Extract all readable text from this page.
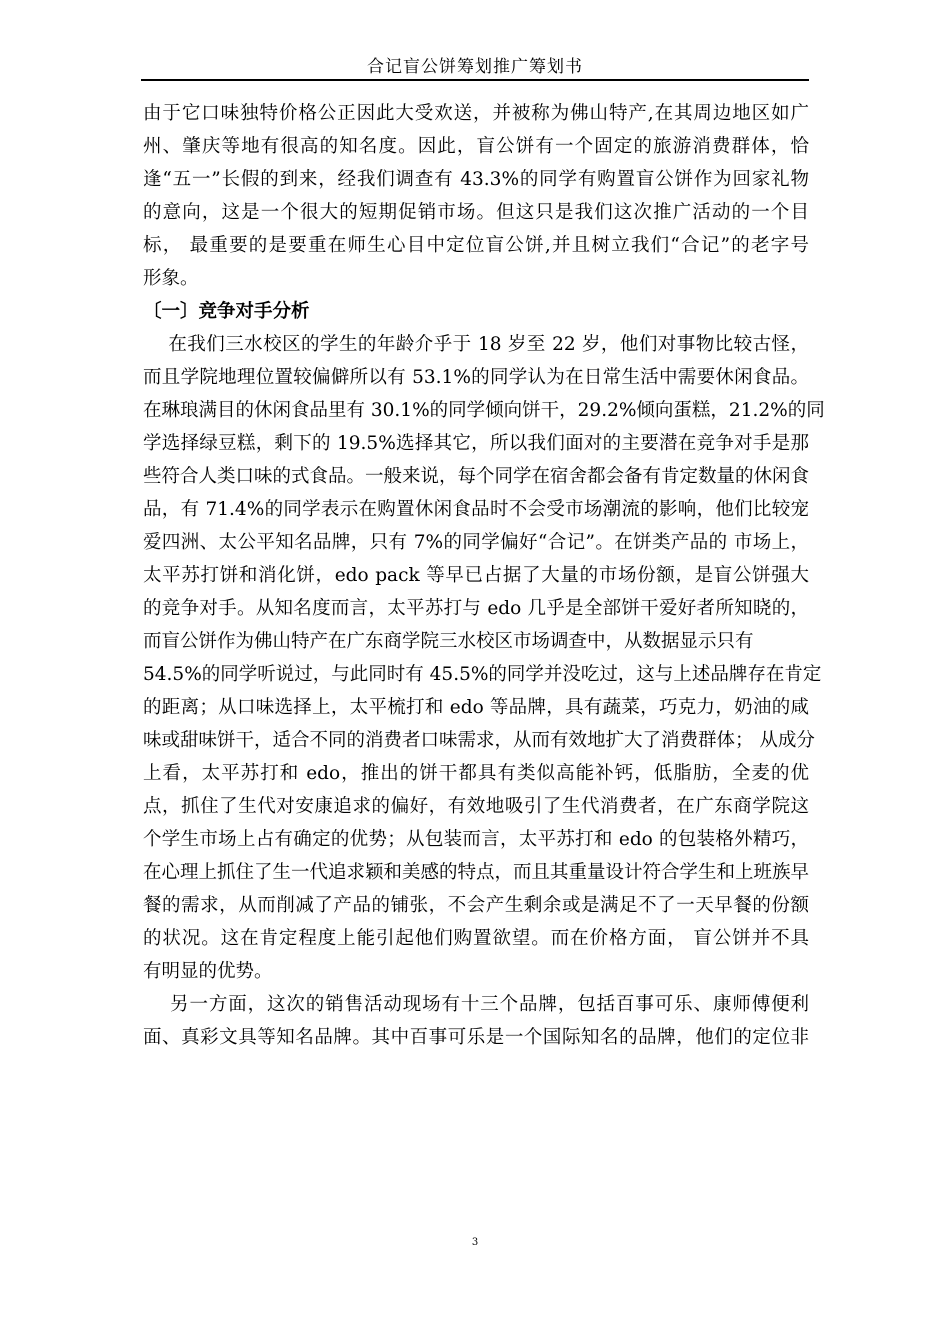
合记盲公饼筹划推广筹划书
由于它口味独特价格公正因此大受欢送，并被称为佛山特产,在其周边地区如广
州、肇庆等地有很高的知名度。因此，盲公饼有一个固定的旅游消费群体，恰
逢“五一”长假的到来，经我们调查有 43.3%的同学有购置盲公饼作为回家礼物
的意向，这是一个很大的短期促销市场。但这只是我们这次推广活动的一个目
标， 最重要的是要重在师生心目中定位盲公饼,并且树立我们“合记”的老字号
形象。
〔一〕竞争对手分析
在我们三水校区的学生的年龄介乎于 18 岁至 22 岁，他们对事物比较古怪，
而且学院地理位置较偏僻所以有 53.1%的同学认为在日常生活中需要休闲食品。
在琳琅满目的休闲食品里有 30.1%的同学倾向饼干，29.2%倾向蛋糕，21.2%的同
学选择绿豆糕，剩下的 19.5%选择其它，所以我们面对的主要潜在竞争对手是那
些符合人类口味的式食品。一般来说，每个同学在宿舍都会备有肯定数量的休闲食
品，有 71.4%的同学表示在购置休闲食品时不会受市场潮流的影响，他们比较宠
爱四洲、太公平知名品牌，只有 7%的同学偏好“合记”。在饼类产品的 市场上，
太平苏打饼和消化饼，edo pack 等早已占据了大量的市场份额，是盲公饼强大
的竞争对手。从知名度而言，太平苏打与 edo 几乎是全部饼干爱好者所知晓的，
而盲公饼作为佛山特产在广东商学院三水校区市场调查中，从数据显示只有
54.5%的同学听说过，与此同时有 45.5%的同学并没吃过，这与上述品牌存在肯定
的距离；从口味选择上，太平梳打和 edo 等品牌，具有蔬菜，巧克力，奶油的咸
味或甜味饼干，适合不同的消费者口味需求，从而有效地扩大了消费群体； 从成分
上看，太平苏打和 edo，推出的饼干都具有类似高能补钙，低脂肪，全麦的优
点，抓住了生代对安康追求的偏好，有效地吸引了生代消费者，在广东商学院这
个学生市场上占有确定的优势；从包装而言，太平苏打和 edo 的包装格外精巧，
在心理上抓住了生一代追求颖和美感的特点，而且其重量设计符合学生和上班族早
餐的需求，从而削减了产品的铺张，不会产生剩余或是满足不了一天早餐的份额
的状况。这在肯定程度上能引起他们购置欲望。而在价格方面， 盲公饼并不具
有明显的优势。
另一方面，这次的销售活动现场有十三个品牌，包括百事可乐、康师傅便利
面、真彩文具等知名品牌。其中百事可乐是一个国际知名的品牌，他们的定位非
3
